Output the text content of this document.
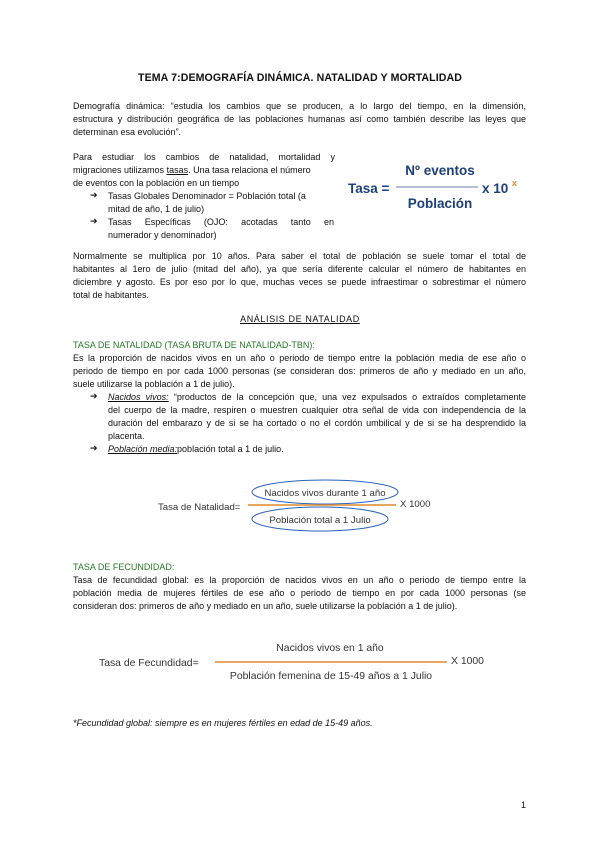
TEMA 7:DEMOGRAFÍA DINÁMICA. NATALIDAD Y MORTALIDAD
Demografía dinámica: “estudia los cambios que se producen, a lo largo del tiempo, en la dimensión,
estructura y distribución geográfica de las poblaciones humanas así como también describe las leyes que
determinan esa evolución”.
Para estudiar los cambios de natalidad, mortalidad y
migraciones utilizamos tasas. Una tasa relaciona el número
de eventos con la población en un tiempo
➔ Tasas Globales Denominador = Población total (a
mitad de año, 1 de julio)
➔ Tasas Específicas (OJO: acotadas tanto en
numerador y denominador)
Tasa =
Nº eventos
Población
x 10 x
Normalmente se multiplica por 10 años. Para saber el total de población se suele tomar el total de
habitantes al 1ero de julio (mitad del año), ya que sería diferente calcular el número de habitantes en
diciembre y agosto. Es por eso por lo que, muchas veces se puede infraestimar o sobrestimar el número
total de habitantes.
ANÁLISIS DE NATALIDAD
TASA DE NATALIDAD (TASA BRUTA DE NATALIDAD-TBN):
Es la proporción de nacidos vivos en un año o periodo de tiempo entre la población media de ese año o
periodo de tiempo en por cada 1000 personas (se consideran dos: primeros de año y mediado en un año,
suele utilizarse la población a 1 de julio).
➔ Nacidos vivos: “productos de la concepción que, una vez expulsados o extraídos completamente
del cuerpo de la madre, respiren o muestren cualquier otra señal de vida con independencia de la
duración del embarazo y de si se ha cortado o no el cordón umbilical y de si se ha desprendido la
placenta.
➔ Población media:población total a 1 de julio.
Tasa de Natalidad=
Nacidos vivos durante 1 año
Población total a 1 Julio
X 1000
TASA DE FECUNDIDAD:
Tasa de fecundidad global: es la proporción de nacidos vivos en un año o periodo de tiempo entre la
población media de mujeres fértiles de ese año o periodo de tiempo en por cada 1000 personas (se
consideran dos: primeros de año y mediado en un año, suele utilizarse la población a 1 de julio).
Tasa de Fecundidad=
Nacidos vivos en 1 año
Población femenina de 15-49 años a 1 Julio
X 1000
*Fecundidad global: siempre es en mujeres fértiles en edad de 15-49 años.
1
